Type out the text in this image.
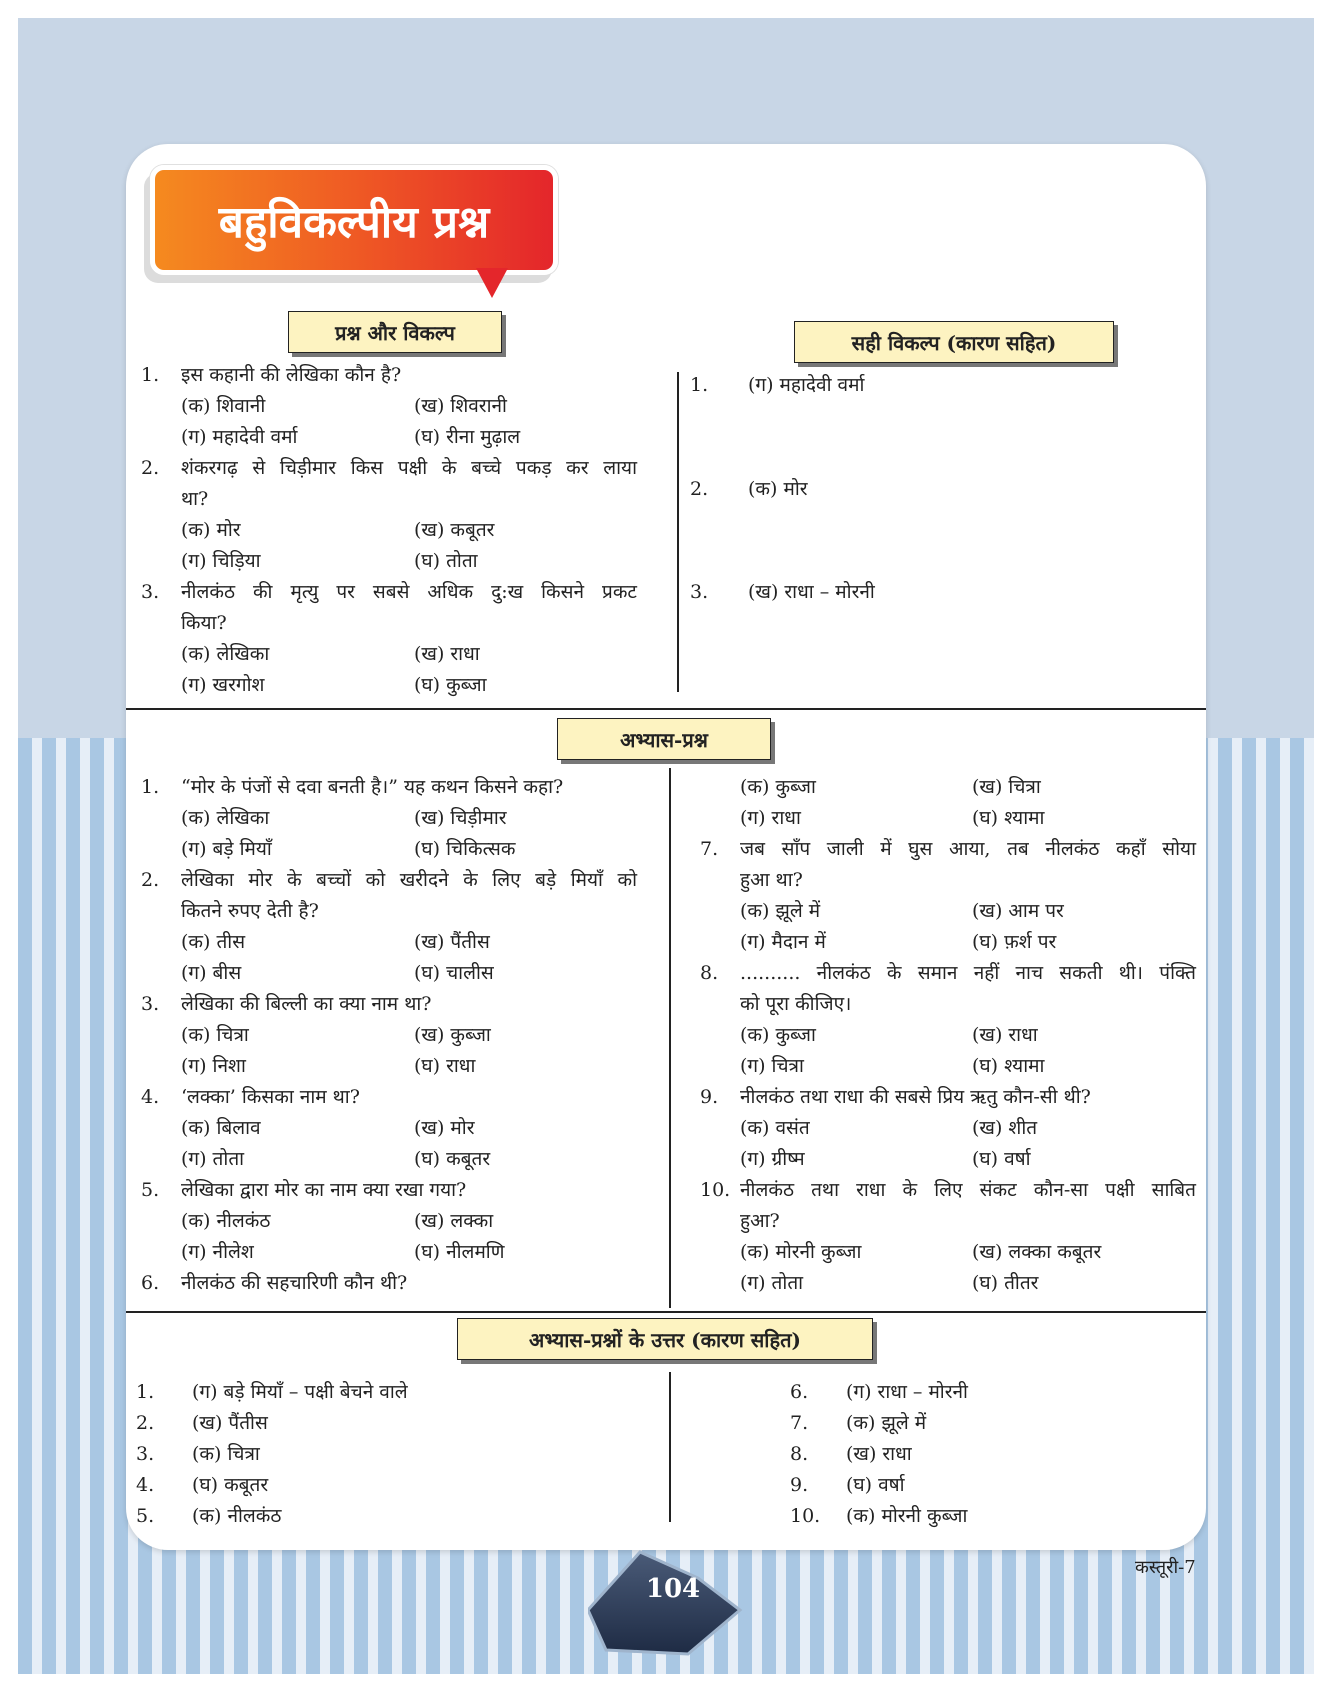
बहुविकल्पीय प्रश्न
प्रश्न और विकल्प	सही विकल्प (कारण सहित)
1. इस कहानी की लेखिका कौन है?
(क) शिवानी	(ख) शिवरानी
(ग) महादेवी वर्मा	(घ) रीना मुढ़ाल
2. शंकरगढ़ से चिड़ीमार किस पक्षी के बच्चे पकड़ कर लाया
था?
(क) मोर	(ख) कबूतर
(ग) चिड़िया	(घ) तोता
3. नीलकंठ की मृत्यु पर सबसे अधिक दु:ख किसने प्रकट
किया?
(क) लेखिका	(ख) राधा
(ग) खरगोश	(घ) कुब्जा
1. (ग) महादेवी वर्मा
2. (क) मोर
3. (ख) राधा – मोरनी
अभ्यास-प्रश्न
1. “मोर के पंजों से दवा बनती है।” यह कथन किसने कहा?
(क) लेखिका	(ख) चिड़ीमार
(ग) बड़े मियाँ	(घ) चिकित्सक
2. लेखिका मोर के बच्चों को खरीदने के लिए बड़े मियाँ को
कितने रुपए देती है?
(क) तीस	(ख) पैंतीस
(ग) बीस	(घ) चालीस
3. लेखिका की बिल्ली का क्या नाम था?
(क) चित्रा	(ख) कुब्जा
(ग) निशा	(घ) राधा
4. ‘लक्का’ किसका नाम था?
(क) बिलाव	(ख) मोर
(ग) तोता	(घ) कबूतर
5. लेखिका द्वारा मोर का नाम क्या रखा गया?
(क) नीलकंठ	(ख) लक्का
(ग) नीलेश	(घ) नीलमणि
6. नीलकंठ की सहचारिणी कौन थी?
(क) कुब्जा	(ख) चित्रा
(ग) राधा	(घ) श्यामा
7. जब साँप जाली में घुस आया, तब नीलकंठ कहाँ सोया
हुआ था?
(क) झूले में	(ख) आम पर
(ग) मैदान में	(घ) फ़र्श पर
8. .......... नीलकंठ के समान नहीं नाच सकती थी। पंक्ति
को पूरा कीजिए।
(क) कुब्जा	(ख) राधा
(ग) चित्रा	(घ) श्यामा
9. नीलकंठ तथा राधा की सबसे प्रिय ऋतु कौन-सी थी?
(क) वसंत	(ख) शीत
(ग) ग्रीष्म	(घ) वर्षा
10. नीलकंठ तथा राधा के लिए संकट कौन-सा पक्षी साबित
हुआ?
(क) मोरनी कुब्जा	(ख) लक्का कबूतर
(ग) तोता	(घ) तीतर
अभ्यास-प्रश्नों के उत्तर (कारण सहित)
1. (ग) बड़े मियाँ – पक्षी बेचने वाले
2. (ख) पैंतीस
3. (क) चित्रा
4. (घ) कबूतर
5. (क) नीलकंठ
6. (ग) राधा – मोरनी
7. (क) झूले में
8. (ख) राधा
9. (घ) वर्षा
10. (क) मोरनी कुब्जा
104
कस्तूरी-7
